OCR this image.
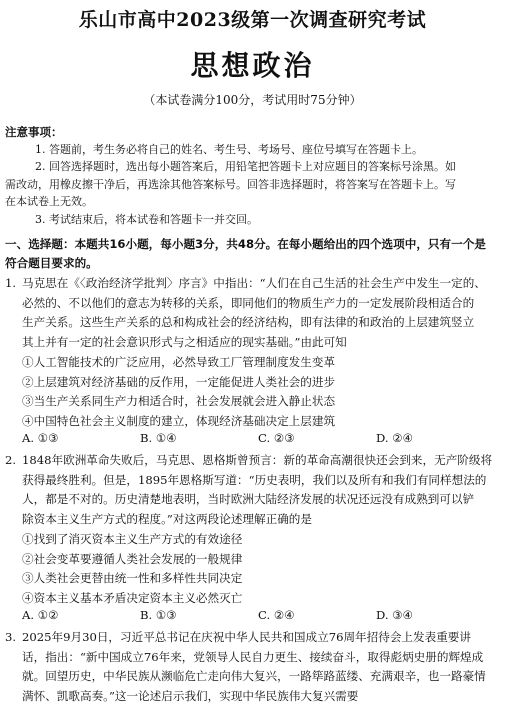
乐山市高中2023级第一次调查研究考试
思想政治
（本试卷满分100分，考试用时75分钟）
注意事项：
1. 答题前，考生务必将自己的姓名、考生号、考场号、座位号填写在答题卡上。
2. 回答选择题时，选出每小题答案后，用铅笔把答题卡上对应题目的答案标号涂黑。如
需改动，用橡皮擦干净后，再选涂其他答案标号。回答非选择题时，将答案写在答题卡上。写
在本试卷上无效。
3. 考试结束后，将本试卷和答题卡一并交回。
一、选择题：本题共16小题，每小题3分，共48分。在每小题给出的四个选项中，只有一个是
符合题目要求的。
1. 马克思在《〈政治经济学批判〉序言》中指出：“人们在自己生活的社会生产中发生一定的、
必然的、不以他们的意志为转移的关系，即同他们的物质生产力的一定发展阶段相适合的
生产关系。这些生产关系的总和构成社会的经济结构，即有法律的和政治的上层建筑竖立
其上并有一定的社会意识形式与之相适应的现实基础。”由此可知
①人工智能技术的广泛应用，必然导致工厂管理制度发生变革
②上层建筑对经济基础的反作用，一定能促进人类社会的进步
③当生产关系同生产力相适合时，社会发展就会进入静止状态
④中国特色社会主义制度的建立，体现经济基础决定上层建筑
A. ①③	B. ①④	C. ②③	D. ②④
2. 1848年欧洲革命失败后，马克思、恩格斯曾预言：新的革命高潮很快还会到来，无产阶级将
获得最终胜利。但是，1895年恩格斯写道：“历史表明，我们以及所有和我们有同样想法的
人，都是不对的。历史清楚地表明，当时欧洲大陆经济发展的状况还远没有成熟到可以铲
除资本主义生产方式的程度。”对这两段论述理解正确的是
①找到了消灭资本主义生产方式的有效途径
②社会变革要遵循人类社会发展的一般规律
③人类社会更替由统一性和多样性共同决定
④资本主义基本矛盾决定资本主义必然灭亡
A. ①②	B. ①③	C. ②④	D. ③④
3. 2025年9月30日，习近平总书记在庆祝中华人民共和国成立76周年招待会上发表重要讲
话，指出：“新中国成立76年来，党领导人民自力更生、接续奋斗，取得彪炳史册的辉煌成
就。回望历史，中华民族从濒临危亡走向伟大复兴，一路筚路蓝缕、充满艰辛，也一路豪情
满怀、凯歌高奏。”这一论述启示我们，实现中华民族伟大复兴需要
